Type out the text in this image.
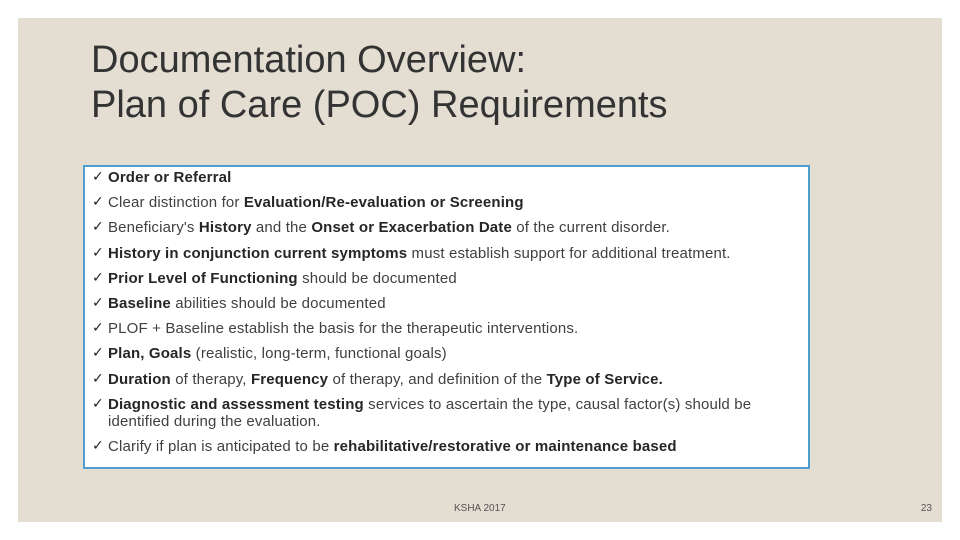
Documentation Overview:
Plan of Care (POC) Requirements
✓ Order or Referral
✓ Clear distinction for Evaluation/Re-evaluation or Screening
✓ Beneficiary's History and the Onset or Exacerbation Date of the current disorder.
✓ History in conjunction current symptoms must establish support for additional treatment.
✓ Prior Level of Functioning should be documented
✓ Baseline abilities should be documented
✓ PLOF + Baseline establish the basis for the therapeutic interventions.
✓ Plan, Goals (realistic, long-term, functional goals)
✓ Duration of therapy, Frequency of therapy, and definition of the Type of Service.
✓ Diagnostic and assessment testing services to ascertain the type, causal factor(s) should be identified during the evaluation.
✓ Clarify if plan is anticipated to be rehabilitative/restorative or maintenance based
KSHA 2017	23
